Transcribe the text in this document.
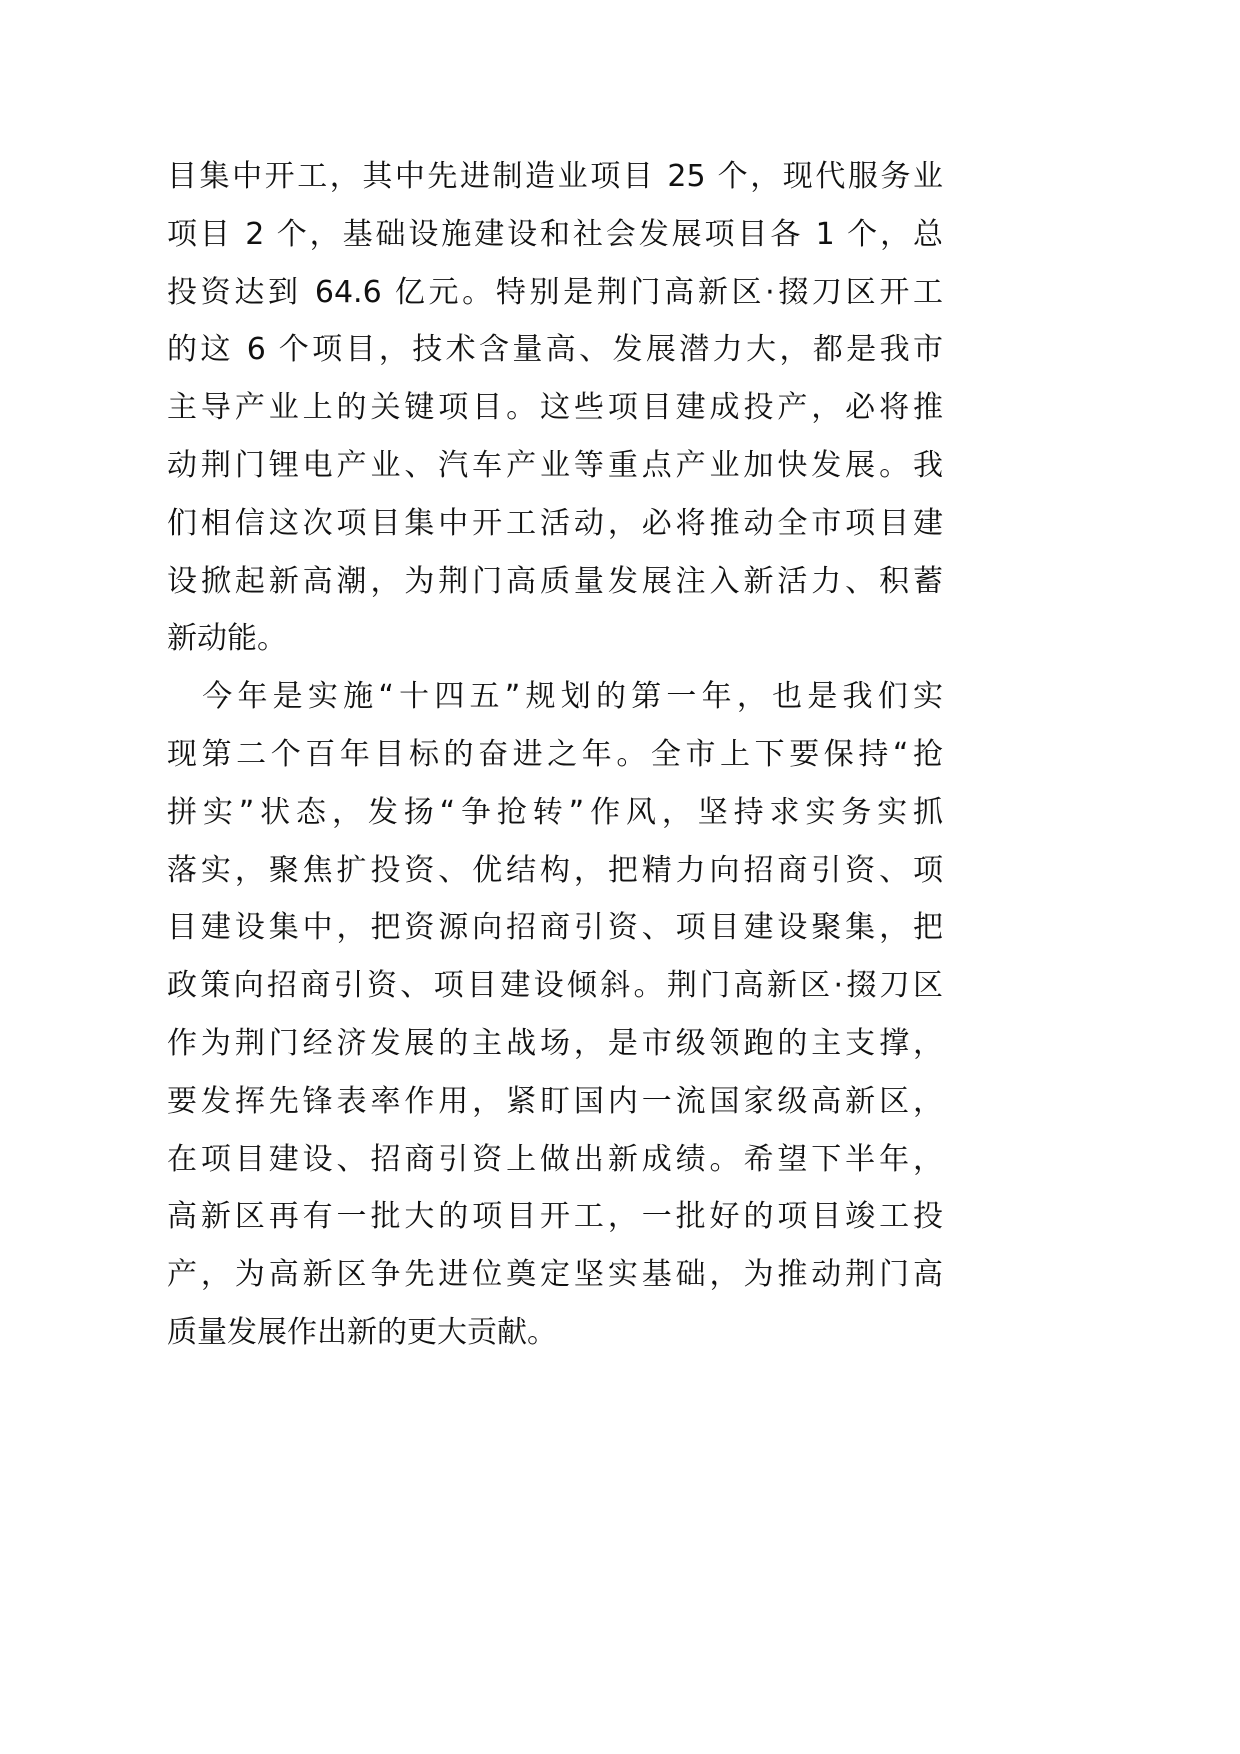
目集中开工，其中先进制造业项目 25 个，现代服务业
项目 2 个，基础设施建设和社会发展项目各 1 个，总
投资达到 64.6 亿元。特别是荆门高新区·掇刀区开工
的这 6 个项目，技术含量高、发展潜力大，都是我市
主导产业上的关键项目。这些项目建成投产，必将推
动荆门锂电产业、汽车产业等重点产业加快发展。我
们相信这次项目集中开工活动，必将推动全市项目建
设掀起新高潮，为荆门高质量发展注入新活力、积蓄
新动能。
　今年是实施“十四五”规划的第一年，也是我们实
现第二个百年目标的奋进之年。全市上下要保持“抢
拼实”状态，发扬“争抢转”作风，坚持求实务实抓
落实，聚焦扩投资、优结构，把精力向招商引资、项
目建设集中，把资源向招商引资、项目建设聚集，把
政策向招商引资、项目建设倾斜。荆门高新区·掇刀区
作为荆门经济发展的主战场，是市级领跑的主支撑，
要发挥先锋表率作用，紧盯国内一流国家级高新区，
在项目建设、招商引资上做出新成绩。希望下半年，
高新区再有一批大的项目开工，一批好的项目竣工投
产，为高新区争先进位奠定坚实基础，为推动荆门高
质量发展作出新的更大贡献。
